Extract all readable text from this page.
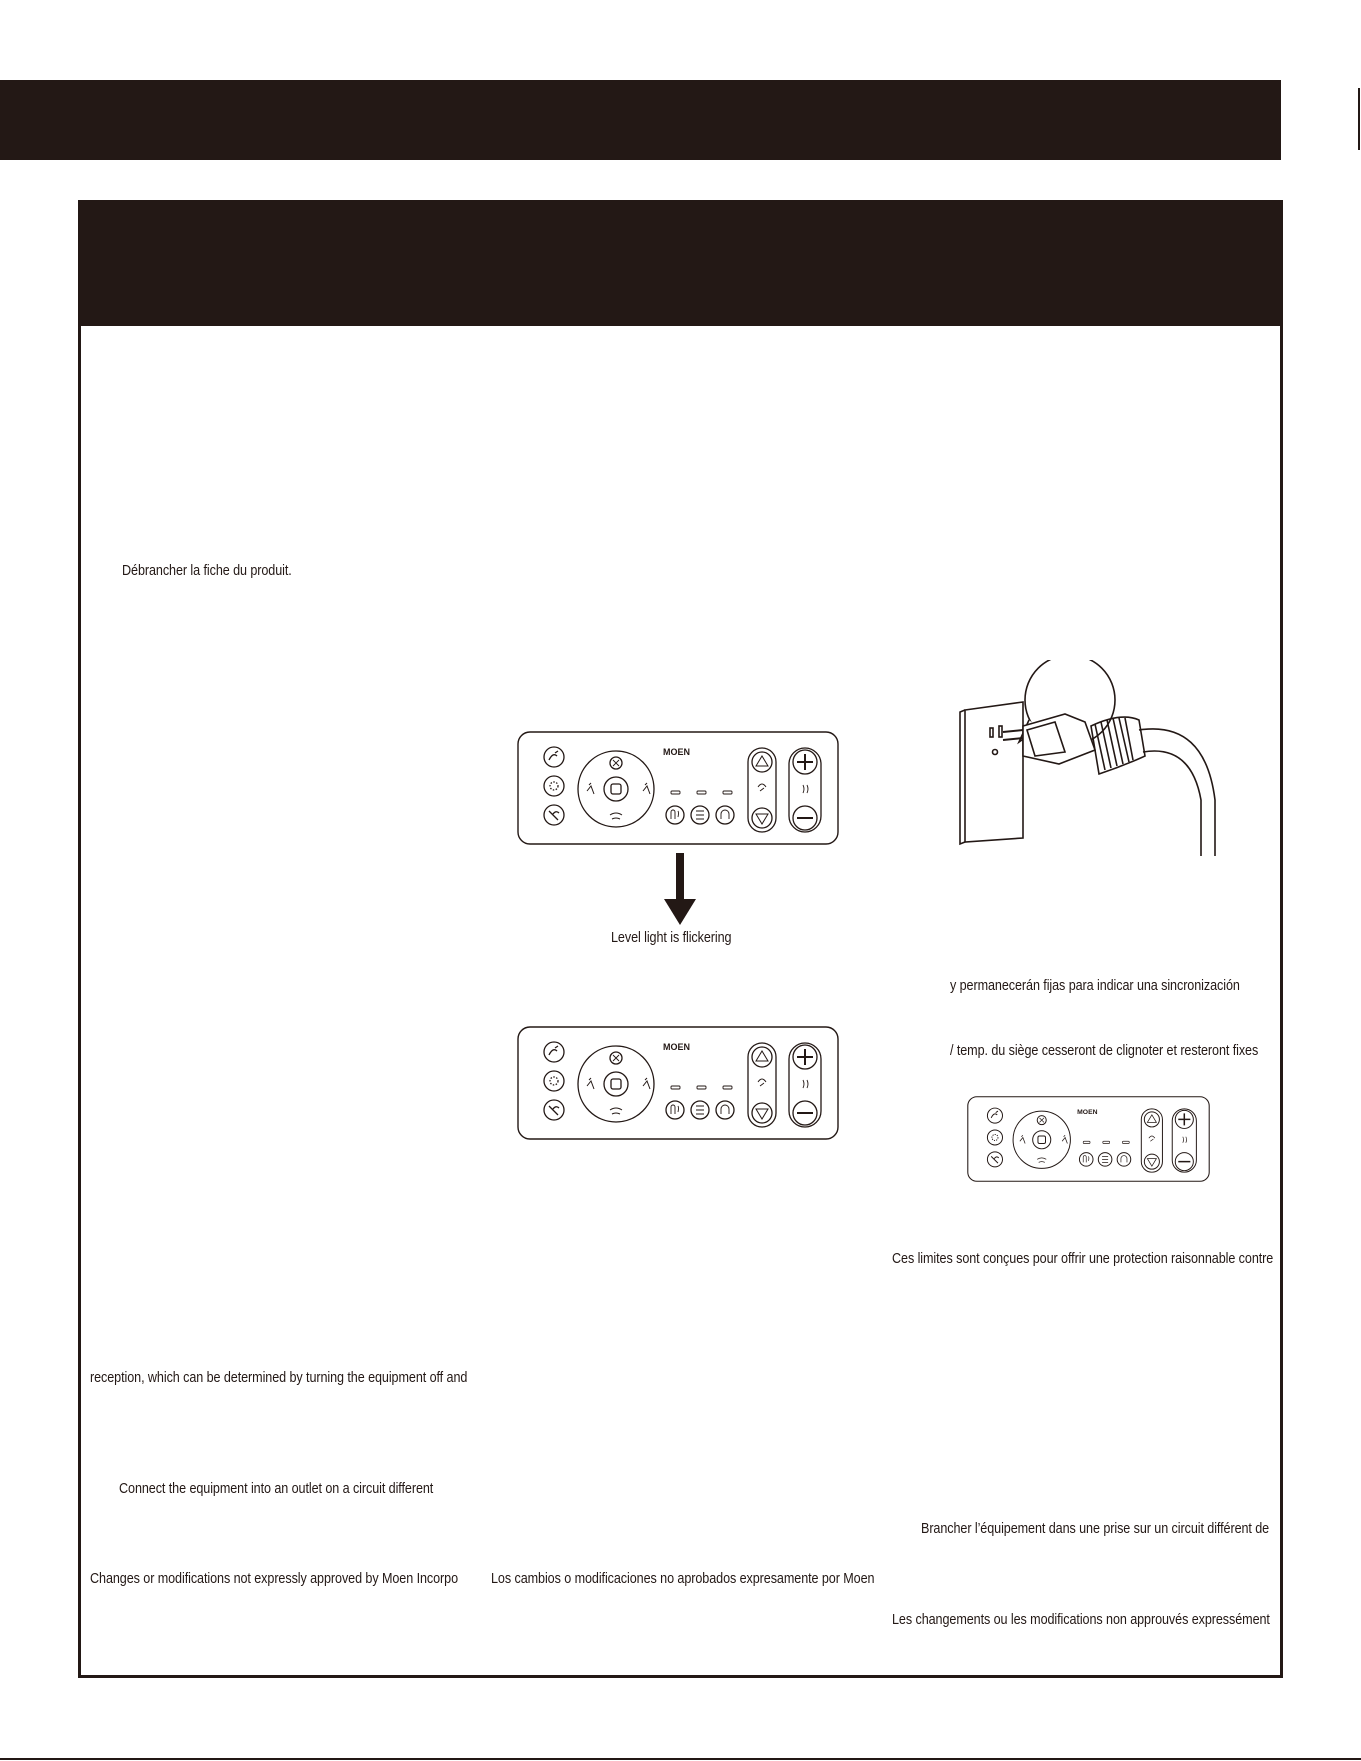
Débrancher la fiche du produit.
Level light is flickering
y permanecerán fijas para indicar una sincronización
/ temp. du siège cesseront de clignoter et resteront fixes
Ces limites sont conçues pour offrir une protection raisonnable contre
reception, which can be determined by turning the equipment off and
Connect the equipment into an outlet on a circuit different
Brancher l’équipement dans une prise sur un circuit différent de
Changes or modifications not expressly approved by Moen Incorpo Los cambios o modificaciones no aprobados expresamente por Moen
Les changements ou les modifications non approuvés expressément
MOEN
MOEN
MOEN
